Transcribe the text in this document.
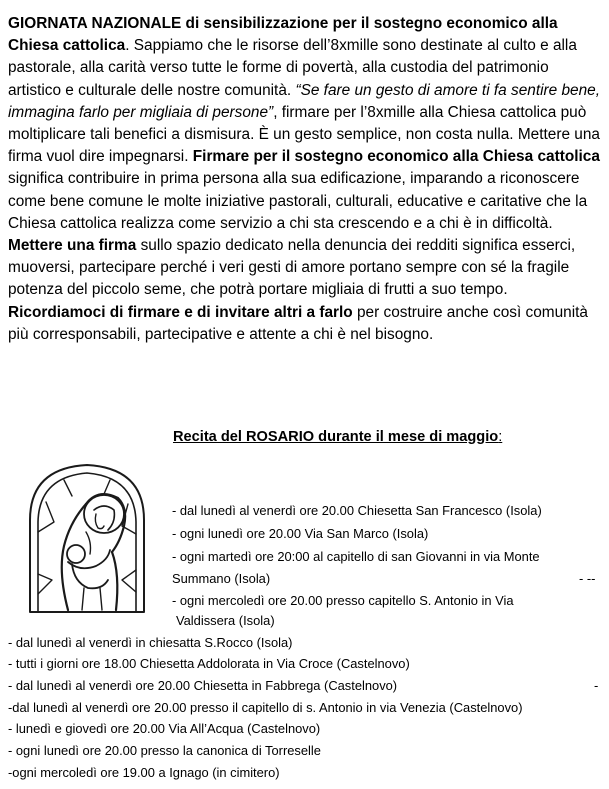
GIORNATA NAZIONALE di sensibilizzazione per il sostegno economico alla Chiesa cattolica. Sappiamo che le risorse dell’8xmille sono destinate al culto e alla pastorale, alla carità verso tutte le forme di povertà, alla custodia del patrimonio artistico e culturale delle nostre comunità. “Se fare un gesto di amore ti fa sentire bene, immagina farlo per migliaia di persone”, firmare per l’8xmille alla Chiesa cattolica può moltiplicare tali benefici a dismisura. È un gesto semplice, non costa nulla. Mettere una firma vuol dire impegnarsi. Firmare per il sostegno economico alla Chiesa cattolica significa contribuire in prima persona alla sua edificazione, imparando a riconoscere come bene comune le molte iniziative pastorali, culturali, educative e caritative che la Chiesa cattolica realizza come servizio a chi sta crescendo e a chi è in difficoltà. Mettere una firma sullo spazio dedicato nella denuncia dei redditi significa esserci, muoversi, partecipare perché i veri gesti di amore portano sempre con sé la fragile potenza del piccolo seme, che potrà portare migliaia di frutti a suo tempo. Ricordiamoci di firmare e di invitare altri a farlo per costruire anche così comunità più corresponsabili, partecipative e attente a chi è nel bisogno.

Recita del ROSARIO durante il mese di maggio:
- dal lunedì al venerdì ore 20.00 Chiesetta San Francesco (Isola)
- ogni lunedì ore 20.00 Via San Marco (Isola)
- ogni martedì ore 20:00 al capitello di san Giovanni in via Monte
Summano (Isola)	- --
- ogni mercoledì ore 20.00 presso capitello S. Antonio in Via
Valdissera (Isola)
- dal lunedì al venerdì in chiesatta S.Rocco (Isola)
- tutti i giorni ore 18.00 Chiesetta Addolorata in Via Croce (Castelnovo)
- dal lunedì al venerdì ore 20.00 Chiesetta in Fabbrega (Castelnovo)	-
-dal lunedì al venerdì ore 20.00 presso il capitello di s. Antonio in via Venezia (Castelnovo)
- lunedì e giovedì ore 20.00 Via All’Acqua (Castelnovo)
- ogni lunedì ore 20.00 presso la canonica di Torreselle
-ogni mercoledì ore 19.00 a Ignago (in cimitero)
